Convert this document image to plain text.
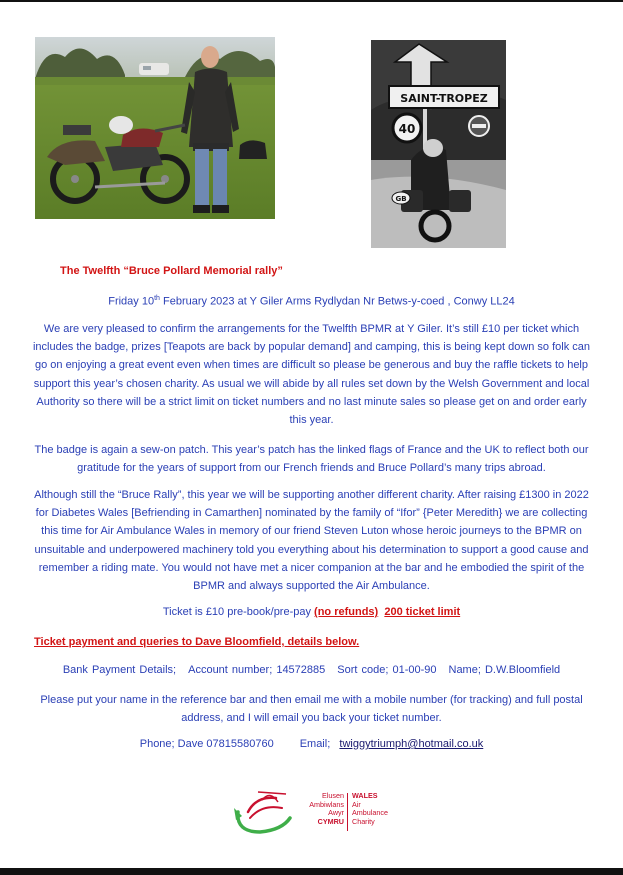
SAINT-TROPEZ
40
GB
The Twelfth “Bruce Pollard Memorial rally”
Friday 10th February 2023 at Y Giler Arms Rydlydan Nr Betws-y-coed , Conwy LL24
We are very pleased to confirm the arrangements for the Twelfth BPMR at Y Giler. It’s still £10 per ticket which includes the badge, prizes [Teapots are back by popular demand] and camping, this is being kept down so folk can go on enjoying a great event even when times are difficult so please be generous and buy the raffle tickets to help support this year’s chosen charity. As usual we will abide by all rules set down by the Welsh Government and local Authority so there will be a strict limit on ticket numbers and no last minute sales so please get on and order early this year.
The badge is again a sew-on patch. This year’s patch has the linked flags of France and the UK to reflect both our gratitude for the years of support from our French friends and Bruce Pollard’s many trips abroad.
Although still the “Bruce Rally”, this year we will be supporting another different charity. After raising £1300 in 2022 for Diabetes Wales [Befriending in Camarthen] nominated by the family of “Ifor” {Peter Meredith} we are collecting this time for Air Ambulance Wales in memory of our friend Steven Luton whose heroic journeys to the BPMR on unsuitable and underpowered machinery told you everything about his determination to support a good cause and remember a riding mate. You would not have met a nicer companion at the bar and he embodied the spirit of the BPMR and always supported the Air Ambulance.
Ticket is £10 pre-book/pre-pay (no refunds) 200 ticket limit
Ticket payment and queries to Dave Bloomfield, details below.
Bank Payment Details; Account number; 14572885 Sort code; 01-00-90 Name; D.W.Bloomfield
Please put your name in the reference bar and then email me with a mobile number (for tracking) and full postal address, and I will email you back your ticket number.
Phone; Dave 07815580760 Email; twiggytriumph@hotmail.co.uk
Elusen
Ambiwlans
Awyr
CYMRU
WALES
Air
Ambulance
Charity
